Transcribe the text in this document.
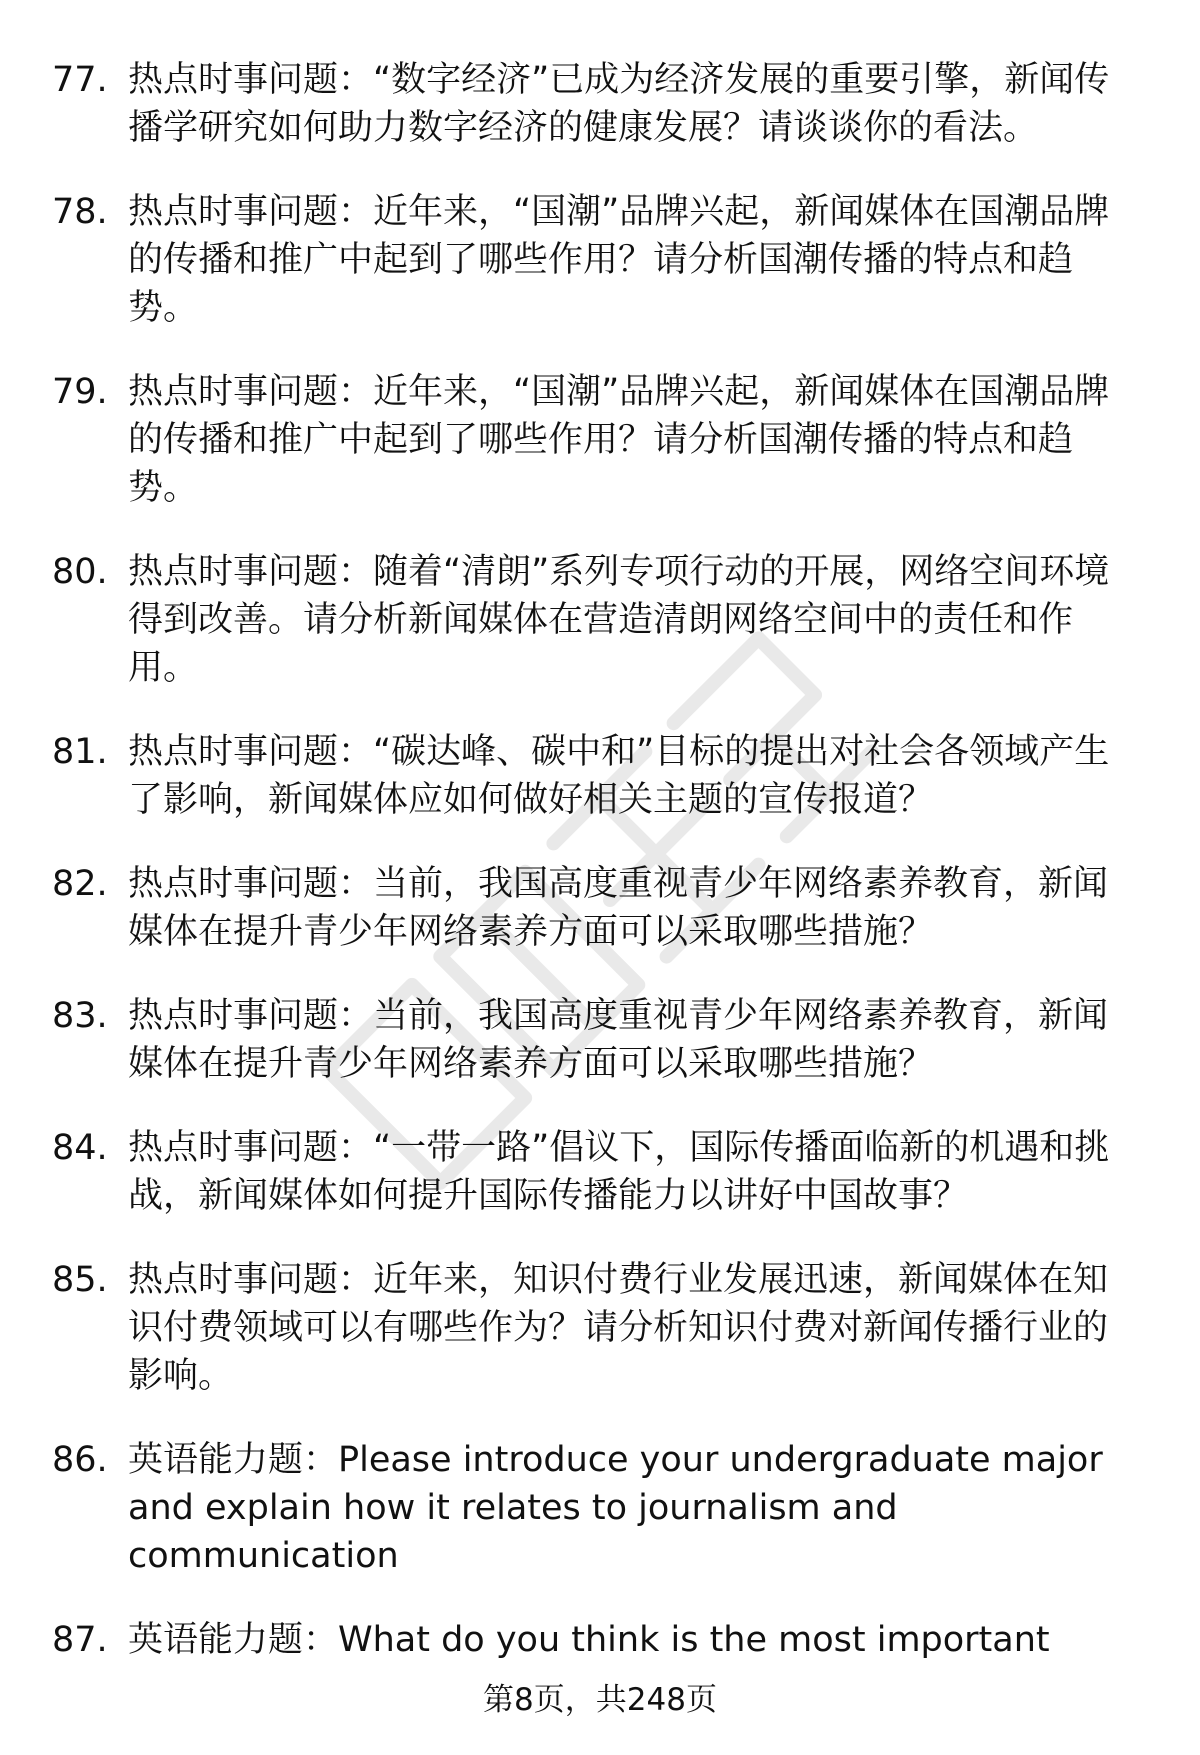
77. 热点时事问题：“数字经济”已成为经济发展的重要引擎，新闻传播学研究如何助力数字经济的健康发展？请谈谈你的看法。
78. 热点时事问题：近年来，“国潮”品牌兴起，新闻媒体在国潮品牌的传播和推广中起到了哪些作用？请分析国潮传播的特点和趋势。
79. 热点时事问题：近年来，“国潮”品牌兴起，新闻媒体在国潮品牌的传播和推广中起到了哪些作用？请分析国潮传播的特点和趋势。
80. 热点时事问题：随着“清朗”系列专项行动的开展，网络空间环境得到改善。请分析新闻媒体在营造清朗网络空间中的责任和作用。
81. 热点时事问题：“碳达峰、碳中和”目标的提出对社会各领域产生了影响，新闻媒体应如何做好相关主题的宣传报道？
82. 热点时事问题：当前，我国高度重视青少年网络素养教育，新闻媒体在提升青少年网络素养方面可以采取哪些措施？
83. 热点时事问题：当前，我国高度重视青少年网络素养教育，新闻媒体在提升青少年网络素养方面可以采取哪些措施？
84. 热点时事问题：“一带一路”倡议下，国际传播面临新的机遇和挑战，新闻媒体如何提升国际传播能力以讲好中国故事？
85. 热点时事问题：近年来，知识付费行业发展迅速，新闻媒体在知识付费领域可以有哪些作为？请分析知识付费对新闻传播行业的影响。
86. 英语能力题：Please introduce your undergraduate major and explain how it relates to journalism and communication
87. 英语能力题：What do you think is the most important
第8页，共248页
